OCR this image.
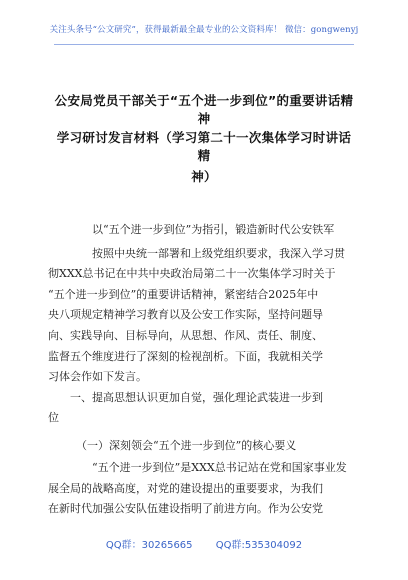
关注头条号“公文研究”，获得最新最全最专业的公文资料库！ 微信：gongwenyj
公安局党员干部关于“五个进一步到位”的重要讲话精神
学习研讨发言材料（学习第二十一次集体学习时讲话精
神）
以“五个进一步到位”为指引，锻造新时代公安铁军
按照中央统一部署和上级党组织要求，我深入学习贯
彻XXX总书记在中共中央政治局第二十一次集体学习时关于
“五个进一步到位”的重要讲话精神，紧密结合2025年中
央八项规定精神学习教育以及公安工作实际，坚持问题导
向、实践导向、目标导向，从思想、作风、责任、制度、
监督五个维度进行了深刻的检视剖析。下面，我就相关学
习体会作如下发言。
一、提高思想认识更加自觉，强化理论武装进一步到
位
（一）深刻领会“五个进一步到位”的核心要义
“五个进一步到位”是XXX总书记站在党和国家事业发
展全局的战略高度，对党的建设提出的重要要求，为我们
在新时代加强公安队伍建设指明了前进方向。作为公安党
QQ群：30265665 QQ群:535304092
